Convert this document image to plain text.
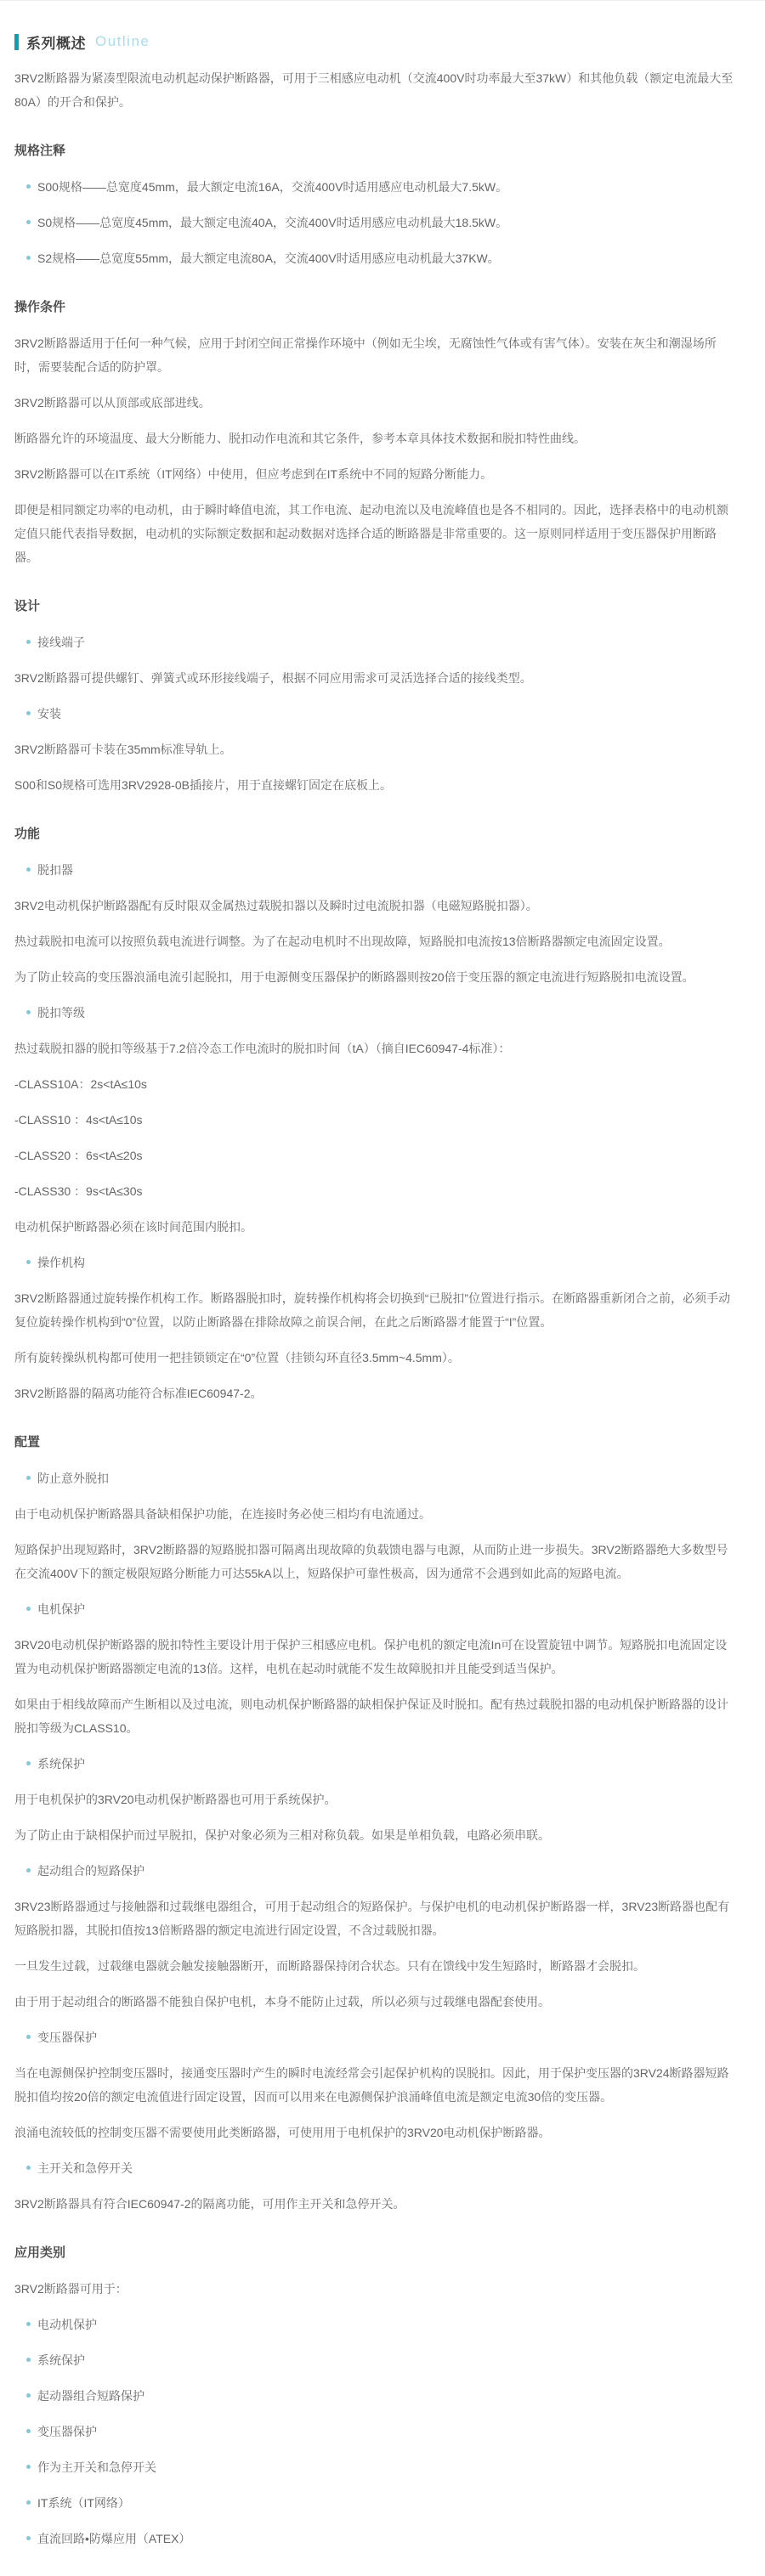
系列概述 Outline

3RV2断路器为紧凑型限流电动机起动保护断路器，可用于三相感应电动机（交流400V时功率最大至37kW）和其他负载（额定电流最大至80A）的开合和保护。

规格注释
S00规格——总宽度45mm，最大额定电流16A，交流400V时适用感应电动机最大7.5kW。
S0规格——总宽度45mm，最大额定电流40A，交流400V时适用感应电动机最大18.5kW。
S2规格——总宽度55mm，最大额定电流80A，交流400V时适用感应电动机最大37KW。
操作条件

3RV2断路器适用于任何一种气候，应用于封闭空间正常操作环境中（例如无尘埃，无腐蚀性气体或有害气体）。安装在灰尘和潮湿场所时，需要装配合适的防护罩。

3RV2断路器可以从顶部或底部进线。

断路器允许的环境温度、最大分断能力、脱扣动作电流和其它条件，参考本章具体技术数据和脱扣特性曲线。

3RV2断路器可以在IT系统（IT网络）中使用，但应考虑到在IT系统中不同的短路分断能力。

即便是相同额定功率的电动机，由于瞬时峰值电流，其工作电流、起动电流以及电流峰值也是各不相同的。因此，选择表格中的电动机额定值只能代表指导数据，电动机的实际额定数据和起动数据对选择合适的断路器是非常重要的。这一原则同样适用于变压器保护用断路器。

设计
接线端子

3RV2断路器可提供螺钉、弹簧式或环形接线端子，根据不同应用需求可灵活选择合适的接线类型。

安装

3RV2断路器可卡装在35mm标准导轨上。

S00和S0规格可选用3RV2928-0B插接片，用于直接螺钉固定在底板上。

功能
脱扣器

3RV2电动机保护断路器配有反时限双金属热过载脱扣器以及瞬时过电流脱扣器（电磁短路脱扣器）。

热过载脱扣电流可以按照负载电流进行调整。为了在起动电机时不出现故障，短路脱扣电流按13倍断路器额定电流固定设置。

为了防止较高的变压器浪涌电流引起脱扣，用于电源侧变压器保护的断路器则按20倍于变压器的额定电流进行短路脱扣电流设置。

脱扣等级

热过载脱扣器的脱扣等级基于7.2倍冷态工作电流时的脱扣时间（tA）（摘自IEC60947-4标准）：

-CLASS10A：2s<tA≤10s

-CLASS10 ：4s<tA≤10s

-CLASS20 ：6s<tA≤20s

-CLASS30 ：9s<tA≤30s

电动机保护断路器必须在该时间范围内脱扣。

操作机构

3RV2断路器通过旋转操作机构工作。断路器脱扣时，旋转操作机构将会切换到“已脱扣”位置进行指示。在断路器重新闭合之前，必须手动复位旋转操作机构到“0”位置，以防止断路器在排除故障之前误合闸，在此之后断路器才能置于“I”位置。

所有旋转操纵机构都可使用一把挂锁锁定在“0”位置（挂锁勾环直径3.5mm~4.5mm）。

3RV2断路器的隔离功能符合标准IEC60947-2。

配置
防止意外脱扣

由于电动机保护断路器具备缺相保护功能，在连接时务必使三相均有电流通过。

短路保护出现短路时，3RV2断路器的短路脱扣器可隔离出现故障的负载馈电器与电源，从而防止进一步损失。3RV2断路器绝大多数型号在交流400V下的额定极限短路分断能力可达55kA以上，短路保护可靠性极高，因为通常不会遇到如此高的短路电流。

电机保护

3RV20电动机保护断路器的脱扣特性主要设计用于保护三相感应电机。保护电机的额定电流In可在设置旋钮中调节。短路脱扣电流固定设置为电动机保护断路器额定电流的13倍。这样，电机在起动时就能不发生故障脱扣并且能受到适当保护。

如果由于相线故障而产生断相以及过电流，则电动机保护断路器的缺相保护保证及时脱扣。配有热过载脱扣器的电动机保护断路器的设计脱扣等级为CLASS10。

系统保护

用于电机保护的3RV20电动机保护断路器也可用于系统保护。

为了防止由于缺相保护而过早脱扣，保护对象必须为三相对称负载。如果是单相负载，电路必须串联。

起动组合的短路保护

3RV23断路器通过与接触器和过载继电器组合，可用于起动组合的短路保护。与保护电机的电动机保护断路器一样，3RV23断路器也配有短路脱扣器，其脱扣值按13倍断路器的额定电流进行固定设置，不含过载脱扣器。

一旦发生过载，过载继电器就会触发接触器断开，而断路器保持闭合状态。只有在馈线中发生短路时，断路器才会脱扣。

由于用于起动组合的断路器不能独自保护电机，本身不能防止过载，所以必须与过载继电器配套使用。

变压器保护

当在电源侧保护控制变压器时，接通变压器时产生的瞬时电流经常会引起保护机构的误脱扣。因此，用于保护变压器的3RV24断路器短路脱扣值均按20倍的额定电流值进行固定设置，因而可以用来在电源侧保护浪涌峰值电流是额定电流30倍的变压器。

浪涌电流较低的控制变压器不需要使用此类断路器，可使用用于电机保护的3RV20电动机保护断路器。

主开关和急停开关

3RV2断路器具有符合IEC60947-2的隔离功能，可用作主开关和急停开关。

应用类别

3RV2断路器可用于：

电动机保护
系统保护
起动器组合短路保护
变压器保护
作为主开关和急停开关
IT系统（IT网络）
直流回路•防爆应用（ATEX）
